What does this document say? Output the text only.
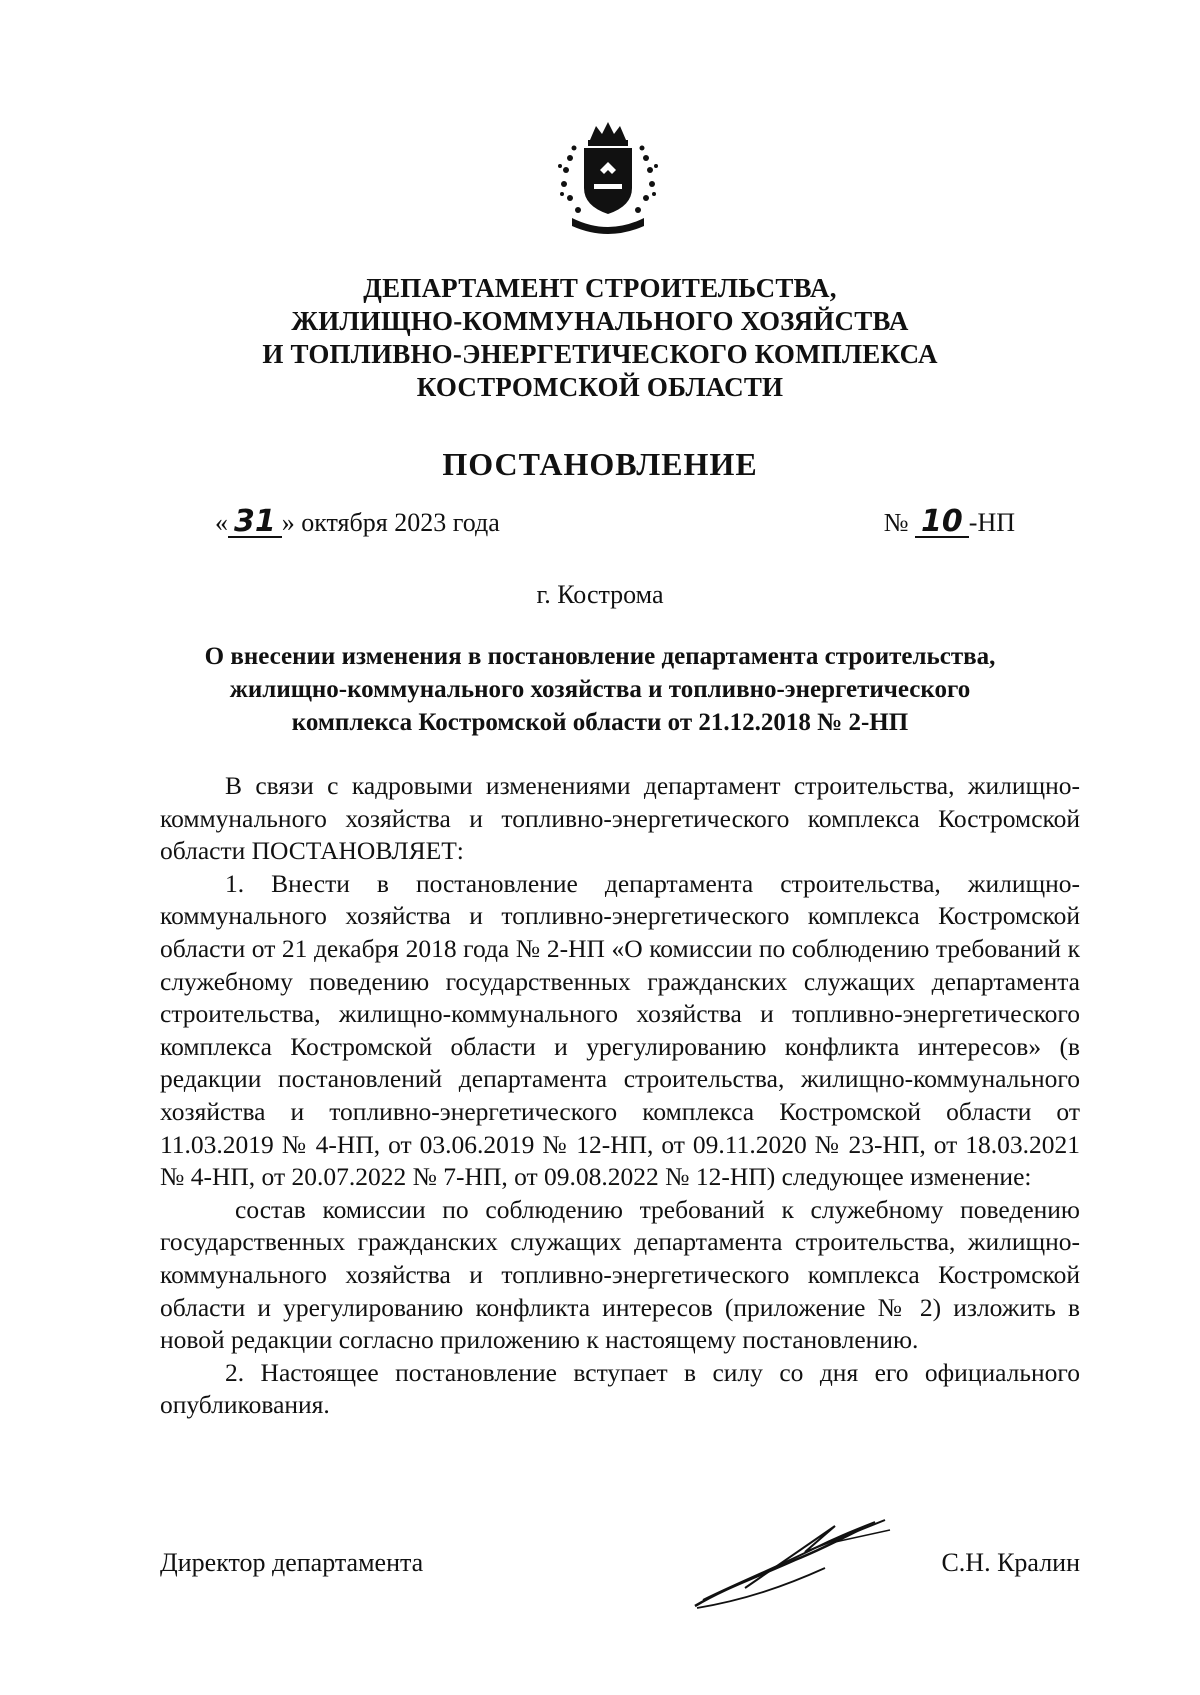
ДЕПАРТАМЕНТ СТРОИТЕЛЬСТВА,
ЖИЛИЩНО-КОММУНАЛЬНОГО ХОЗЯЙСТВА
И ТОПЛИВНО-ЭНЕРГЕТИЧЕСКОГО КОМПЛЕКСА
КОСТРОМСКОЙ ОБЛАСТИ
ПОСТАНОВЛЕНИЕ
« 31 » октября 2023 года	№ 10 -НП
г. Кострома
О внесении изменения в постановление департамента строительства,
жилищно-коммунального хозяйства и топливно-энергетического
комплекса Костромской области от 21.12.2018 № 2-НП

В связи с кадровыми изменениями департамент строительства, жилищно-коммунального хозяйства и топливно-энергетического комплекса Костромской области ПОСТАНОВЛЯЕТ:

1. Внести в постановление департамента строительства, жилищно-коммунального хозяйства и топливно-энергетического комплекса Костромской области от 21 декабря 2018 года № 2-НП «О комиссии по соблюдению требований к служебному поведению государственных гражданских служащих департамента строительства, жилищно-коммунального хозяйства и топливно-энергетического комплекса Костромской области и урегулированию конфликта интересов» (в редакции постановлений департамента строительства, жилищно-коммунального хозяйства и топливно-энергетического комплекса Костромской области от 11.03.2019 № 4-НП, от 03.06.2019 № 12-НП, от 09.11.2020 № 23-НП, от 18.03.2021 № 4-НП, от 20.07.2022 № 7-НП, от 09.08.2022 № 12-НП) следующее изменение:

состав комиссии по соблюдению требований к служебному поведению государственных гражданских служащих департамента строительства, жилищно-коммунального хозяйства и топливно-энергетического комплекса Костромской области и урегулированию конфликта интересов (приложение № 2) изложить в новой редакции согласно приложению к настоящему постановлению.

2. Настоящее постановление вступает в силу со дня его официального опубликования.

Директор департамента	С.Н. Кралин
